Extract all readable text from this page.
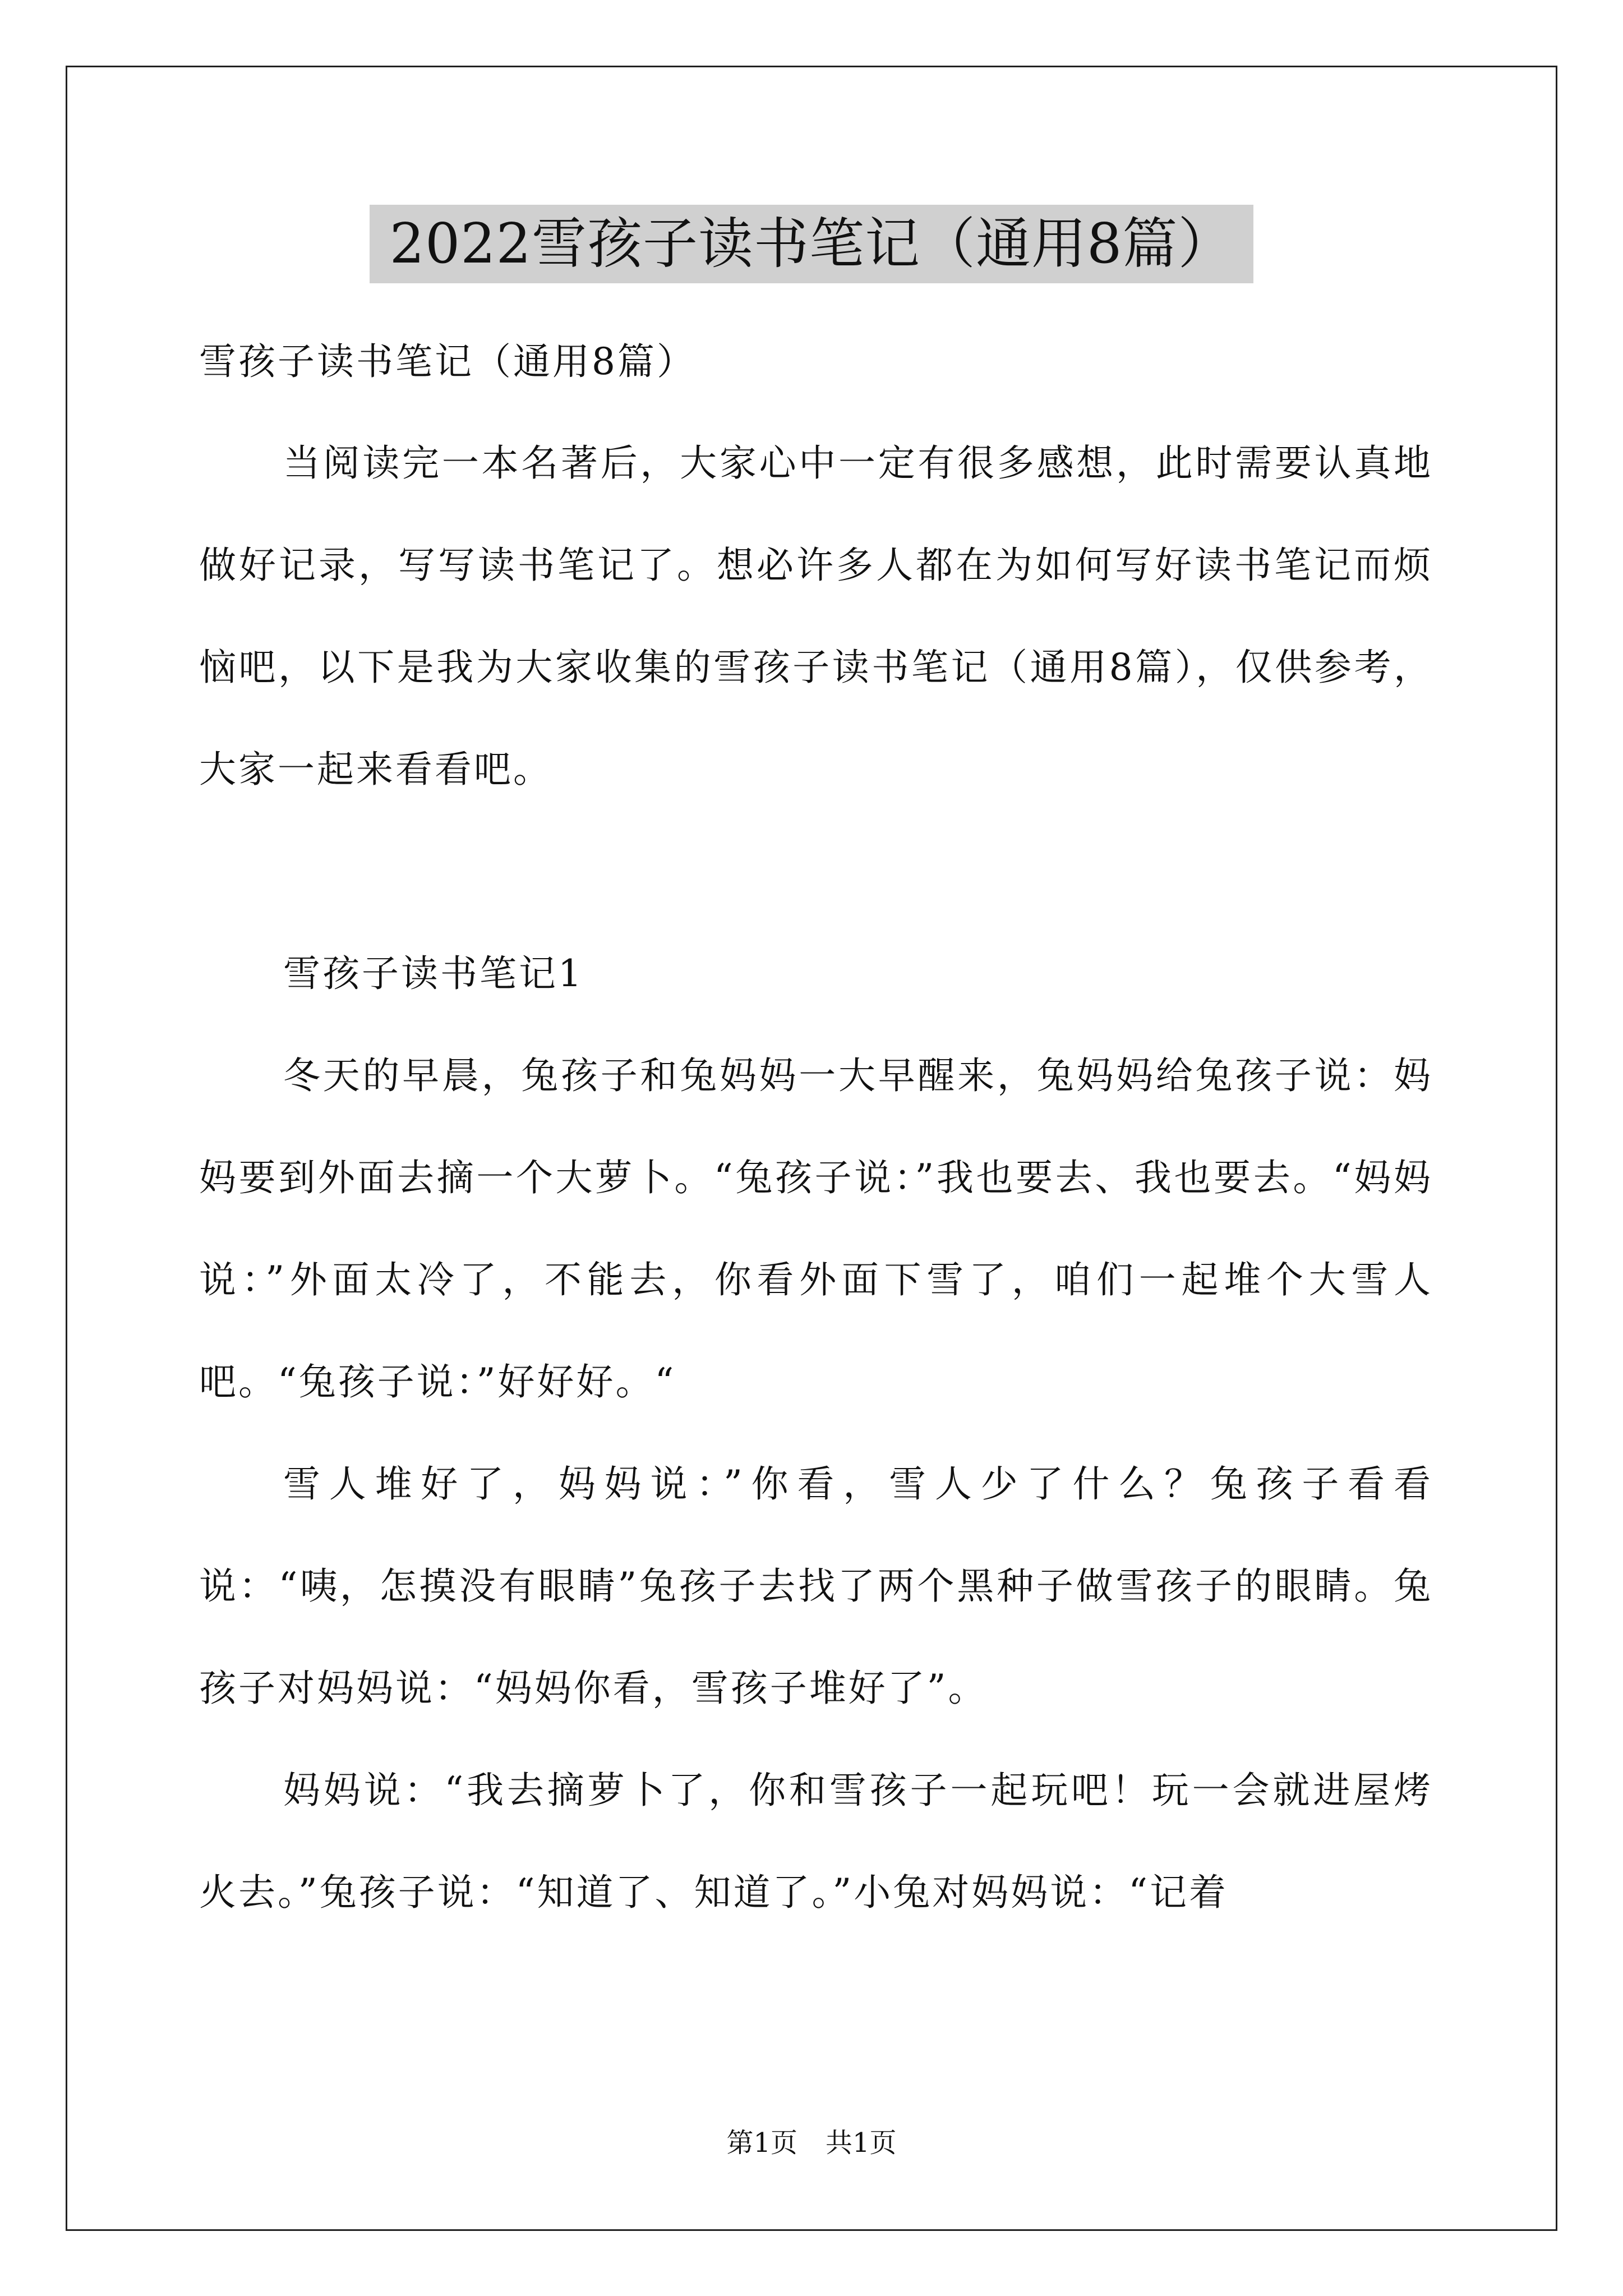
2022雪孩子读书笔记（通用8篇）

雪孩子读书笔记（通用8篇）

当阅读完一本名著后，大家心中一定有很多感想，此时需要认真地做好记录，写写读书笔记了。想必许多人都在为如何写好读书笔记而烦恼吧，以下是我为大家收集的雪孩子读书笔记（通用8篇），仅供参考，大家一起来看看吧。

雪孩子读书笔记1

冬天的早晨，兔孩子和兔妈妈一大早醒来，兔妈妈给兔孩子说：妈妈要到外面去摘一个大萝卜。“兔孩子说：”我也要去、我也要去。“妈妈说：”外面太冷了，不能去，你看外面下雪了，咱们一起堆个大雪人吧。“兔孩子说：”好好好。“

雪人堆好了，妈妈说：”你看，雪人少了什么？兔孩子看看说：“咦，怎摸没有眼睛”兔孩子去找了两个黑种子做雪孩子的眼睛。兔孩子对妈妈说：“妈妈你看，雪孩子堆好了”。

妈妈说：“我去摘萝卜了，你和雪孩子一起玩吧！玩一会就进屋烤火去。”兔孩子说：“知道了、知道了。”小兔对妈妈说：“记着

第1页 共1页
